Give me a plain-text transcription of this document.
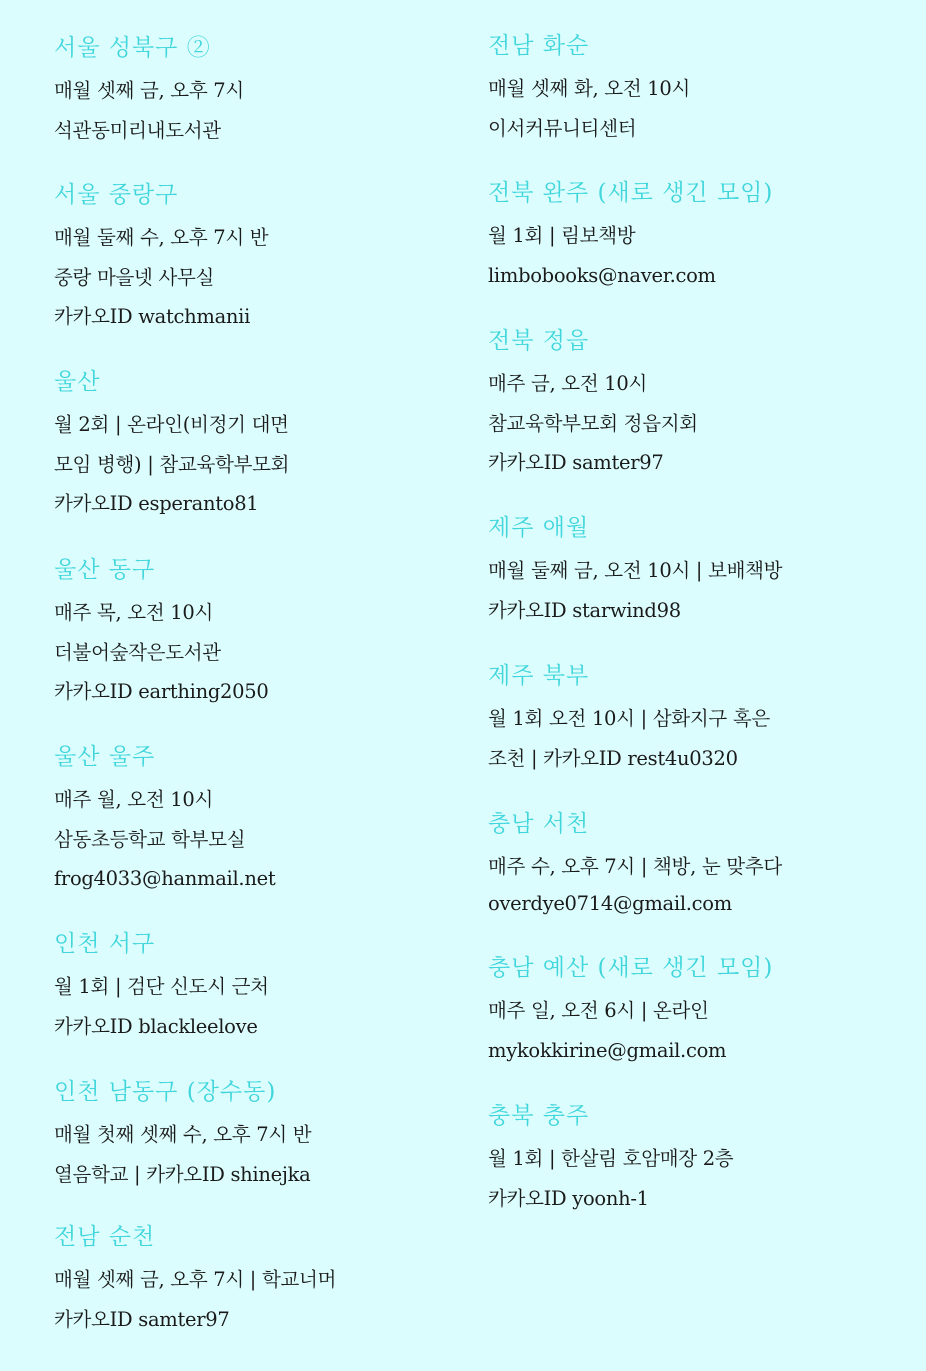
서울 성북구 ②
매월 셋째 금, 오후 7시
석관동미리내도서관
서울 중랑구
매월 둘째 수, 오후 7시 반
중랑 마을넷 사무실
카카오ID watchmanii
울산
월 2회 | 온라인(비정기 대면
모임 병행) | 참교육학부모회
카카오ID esperanto81
울산 동구
매주 목, 오전 10시
더불어숲작은도서관
카카오ID earthing2050
울산 울주
매주 월, 오전 10시
삼동초등학교 학부모실
frog4033@hanmail.net
인천 서구
월 1회 | 검단 신도시 근처
카카오ID blackleelove
인천 남동구 (장수동)
매월 첫째 셋째 수, 오후 7시 반
열음학교 | 카카오ID shinejka
전남 순천
매월 셋째 금, 오후 7시 | 학교너머
카카오ID samter97
전남 화순
매월 셋째 화, 오전 10시
이서커뮤니티센터
전북 완주 (새로 생긴 모임)
월 1회 | 림보책방
limbobooks@naver.com
전북 정읍
매주 금, 오전 10시
참교육학부모회 정읍지회
카카오ID samter97
제주 애월
매월 둘째 금, 오전 10시 | 보배책방
카카오ID starwind98
제주 북부
월 1회 오전 10시 | 삼화지구 혹은
조천 | 카카오ID rest4u0320
충남 서천
매주 수, 오후 7시 | 책방, 눈 맞추다
overdye0714@gmail.com
충남 예산 (새로 생긴 모임)
매주 일, 오전 6시 | 온라인
mykokkirine@gmail.com
충북 충주
월 1회 | 한살림 호암매장 2층
카카오ID yoonh-1
